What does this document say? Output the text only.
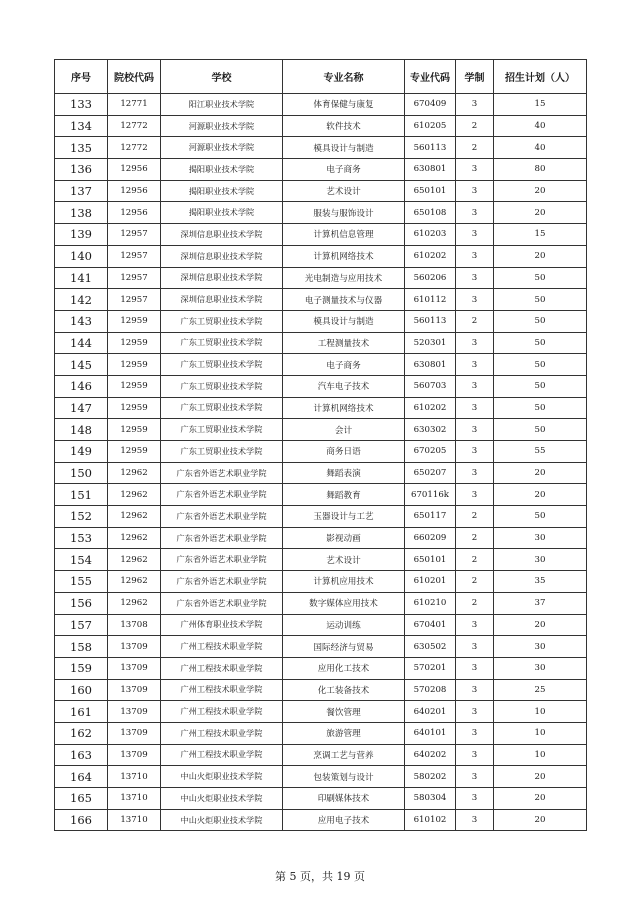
序号	院校代码	学校	专业名称	专业代码	学制	招生计划（人）
133	12771	阳江职业技术学院	体育保健与康复	670409	3	15
134	12772	河源职业技术学院	软件技术	610205	2	40
135	12772	河源职业技术学院	模具设计与制造	560113	2	40
136	12956	揭阳职业技术学院	电子商务	630801	3	80
137	12956	揭阳职业技术学院	艺术设计	650101	3	20
138	12956	揭阳职业技术学院	服装与服饰设计	650108	3	20
139	12957	深圳信息职业技术学院	计算机信息管理	610203	3	15
140	12957	深圳信息职业技术学院	计算机网络技术	610202	3	20
141	12957	深圳信息职业技术学院	光电制造与应用技术	560206	3	50
142	12957	深圳信息职业技术学院	电子测量技术与仪器	610112	3	50
143	12959	广东工贸职业技术学院	模具设计与制造	560113	2	50
144	12959	广东工贸职业技术学院	工程测量技术	520301	3	50
145	12959	广东工贸职业技术学院	电子商务	630801	3	50
146	12959	广东工贸职业技术学院	汽车电子技术	560703	3	50
147	12959	广东工贸职业技术学院	计算机网络技术	610202	3	50
148	12959	广东工贸职业技术学院	会计	630302	3	50
149	12959	广东工贸职业技术学院	商务日语	670205	3	55
150	12962	广东省外语艺术职业学院	舞蹈表演	650207	3	20
151	12962	广东省外语艺术职业学院	舞蹈教育	670116k	3	20
152	12962	广东省外语艺术职业学院	玉器设计与工艺	650117	2	50
153	12962	广东省外语艺术职业学院	影视动画	660209	2	30
154	12962	广东省外语艺术职业学院	艺术设计	650101	2	30
155	12962	广东省外语艺术职业学院	计算机应用技术	610201	2	35
156	12962	广东省外语艺术职业学院	数字媒体应用技术	610210	2	37
157	13708	广州体育职业技术学院	运动训练	670401	3	20
158	13709	广州工程技术职业学院	国际经济与贸易	630502	3	30
159	13709	广州工程技术职业学院	应用化工技术	570201	3	30
160	13709	广州工程技术职业学院	化工装备技术	570208	3	25
161	13709	广州工程技术职业学院	餐饮管理	640201	3	10
162	13709	广州工程技术职业学院	旅游管理	640101	3	10
163	13709	广州工程技术职业学院	烹调工艺与营养	640202	3	10
164	13710	中山火炬职业技术学院	包装策划与设计	580202	3	20
165	13710	中山火炬职业技术学院	印刷媒体技术	580304	3	20
166	13710	中山火炬职业技术学院	应用电子技术	610102	3	20
第 5 页，共 19 页
